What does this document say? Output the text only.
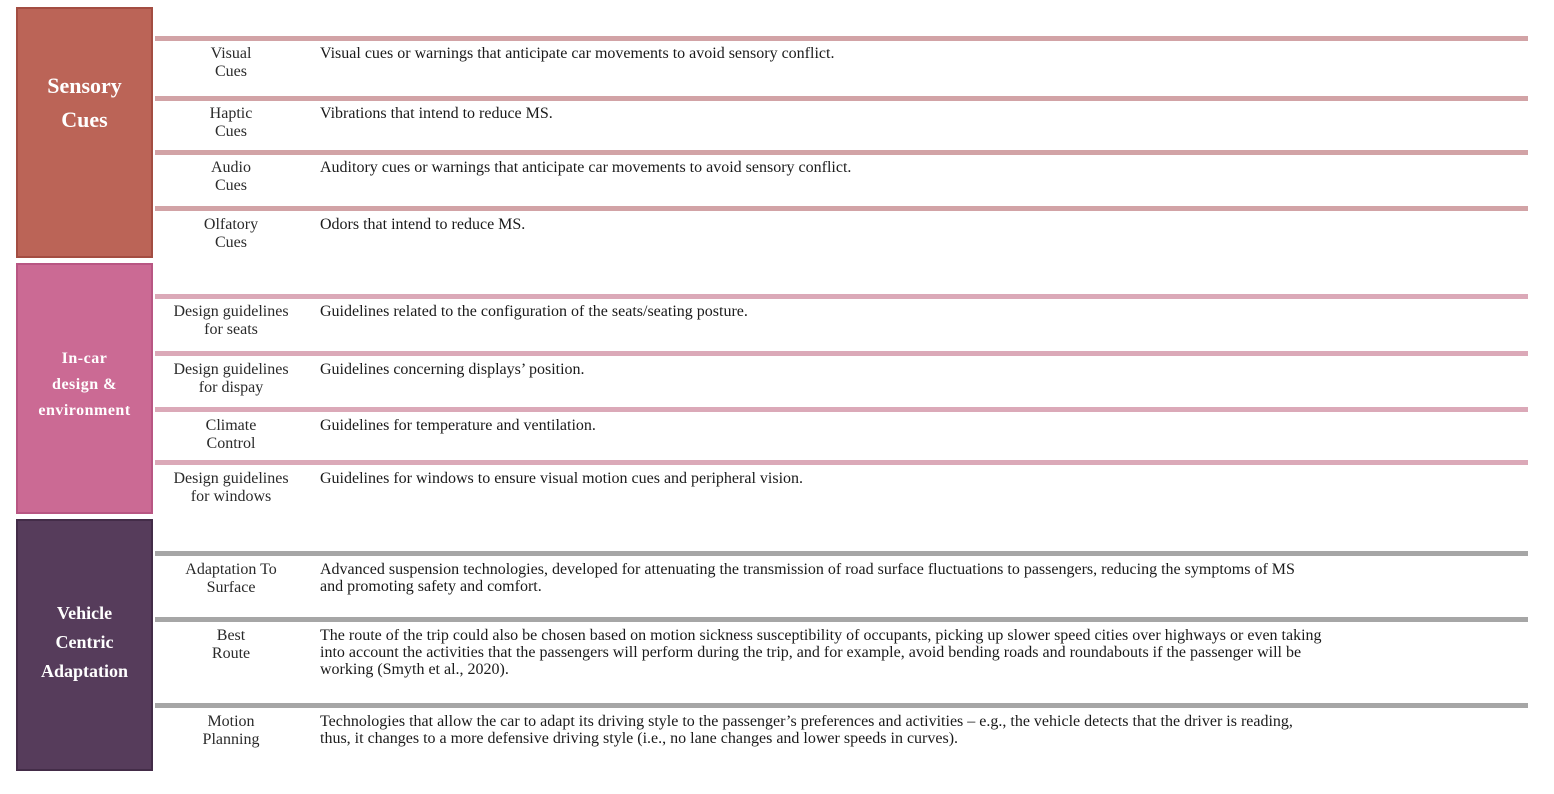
Sensory
Cues
In-car
design &
environment
Vehicle
Centric
Adaptation
Visual
Cues
Visual cues or warnings that anticipate car movements to avoid sensory conflict.
Haptic
Cues
Vibrations that intend to reduce MS.
Audio
Cues
Auditory cues or warnings that anticipate car movements to avoid sensory conflict.
Olfatory
Cues
Odors that intend to reduce MS.
Design guidelines
for seats
Guidelines related to the configuration of the seats/seating posture.
Design guidelines
for dispay
Guidelines concerning displays’ position.
Climate
Control
Guidelines for temperature and ventilation.
Design guidelines
for windows
Guidelines for windows to ensure visual motion cues and peripheral vision.
Adaptation To
Surface
Advanced suspension technologies, developed for attenuating the transmission of road surface fluctuations to passengers, reducing the symptoms of MS
and promoting safety and comfort.
Best
Route
The route of the trip could also be chosen based on motion sickness susceptibility of occupants, picking up slower speed cities over highways or even taking
into account the activities that the passengers will perform during the trip, and for example, avoid bending roads and roundabouts if the passenger will be
working (Smyth et al., 2020).
Motion
Planning
Technologies that allow the car to adapt its driving style to the passenger’s preferences and activities – e.g., the vehicle detects that the driver is reading,
thus, it changes to a more defensive driving style (i.e., no lane changes and lower speeds in curves).
